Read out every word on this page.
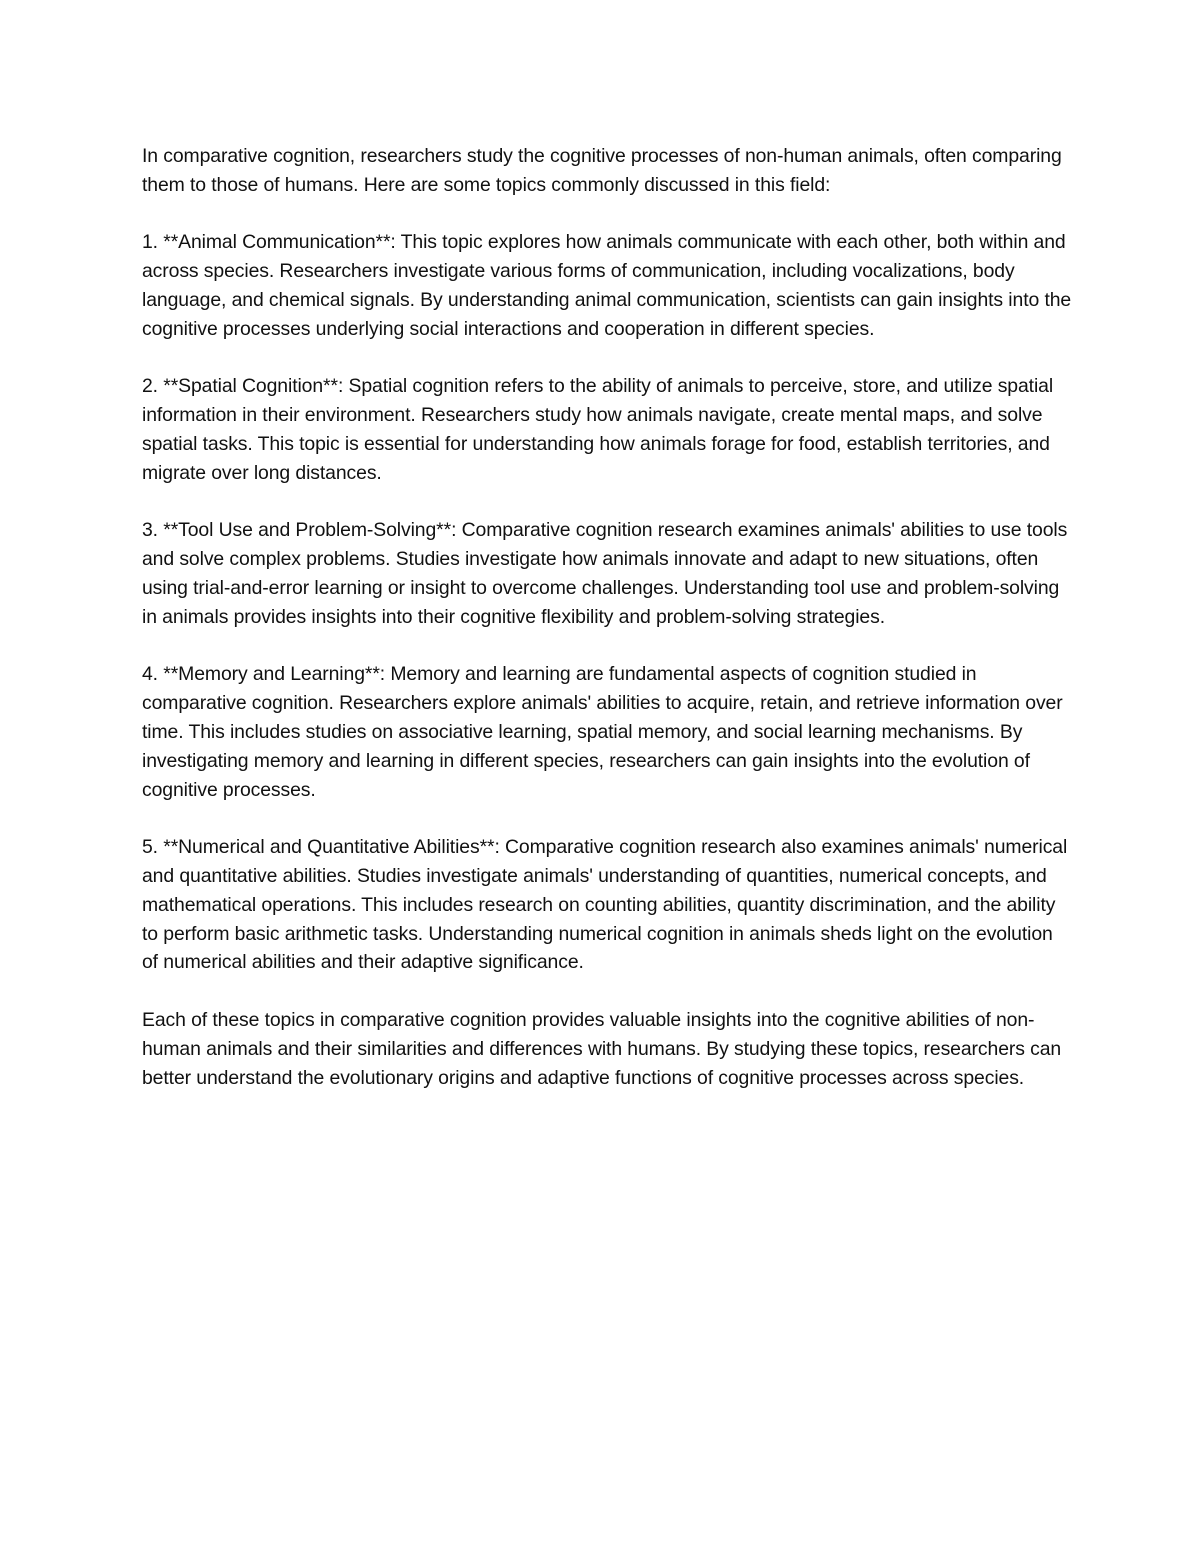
In comparative cognition, researchers study the cognitive processes of non-human animals, often comparing them to those of humans. Here are some topics commonly discussed in this field:

1. **Animal Communication**: This topic explores how animals communicate with each other, both within and across species. Researchers investigate various forms of communication, including vocalizations, body language, and chemical signals. By understanding animal communication, scientists can gain insights into the cognitive processes underlying social interactions and cooperation in different species.

2. **Spatial Cognition**: Spatial cognition refers to the ability of animals to perceive, store, and utilize spatial information in their environment. Researchers study how animals navigate, create mental maps, and solve spatial tasks. This topic is essential for understanding how animals forage for food, establish territories, and migrate over long distances.

3. **Tool Use and Problem-Solving**: Comparative cognition research examines animals' abilities to use tools and solve complex problems. Studies investigate how animals innovate and adapt to new situations, often using trial-and-error learning or insight to overcome challenges. Understanding tool use and problem-solving in animals provides insights into their cognitive flexibility and problem-solving strategies.

4. **Memory and Learning**: Memory and learning are fundamental aspects of cognition studied in comparative cognition. Researchers explore animals' abilities to acquire, retain, and retrieve information over time. This includes studies on associative learning, spatial memory, and social learning mechanisms. By investigating memory and learning in different species, researchers can gain insights into the evolution of cognitive processes.

5. **Numerical and Quantitative Abilities**: Comparative cognition research also examines animals' numerical and quantitative abilities. Studies investigate animals' understanding of quantities, numerical concepts, and mathematical operations. This includes research on counting abilities, quantity discrimination, and the ability to perform basic arithmetic tasks. Understanding numerical cognition in animals sheds light on the evolution of numerical abilities and their adaptive significance.

Each of these topics in comparative cognition provides valuable insights into the cognitive abilities of non-human animals and their similarities and differences with humans. By studying these topics, researchers can better understand the evolutionary origins and adaptive functions of cognitive processes across species.
